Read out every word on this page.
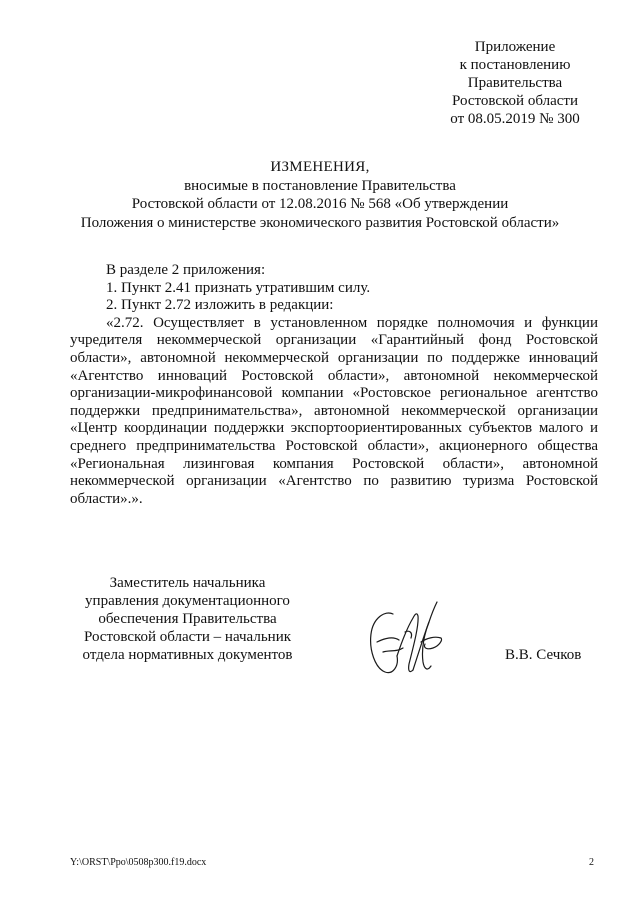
Приложение
к постановлению
Правительства
Ростовской области
от 08.05.2019 № 300
ИЗМЕНЕНИЯ,
вносимые в постановление Правительства
Ростовской области от 12.08.2016 № 568 «Об утверждении
Положения о министерстве экономического развития Ростовской области»
В разделе 2 приложения:
1. Пункт 2.41 признать утратившим силу.
2. Пункт 2.72 изложить в редакции:

«2.72. Осуществляет в установленном порядке полномочия и функции учредителя некоммерческой организации «Гарантийный фонд Ростовской области», автономной некоммерческой организации по поддержке инноваций «Агентство инноваций Ростовской области», автономной некоммерческой организации-микрофинансовой компании «Ростовское региональное агентство поддержки предпринимательства», автономной некоммерческой организации «Центр координации поддержки экспортоориентированных субъектов малого и среднего предпринимательства Ростовской области», акционерного общества «Региональная лизинговая компания Ростовской области», автономной некоммерческой организации «Агентство по развитию туризма Ростовской области».».

Заместитель начальника
управления документационного
обеспечения Правительства
Ростовской области – начальник
отдела нормативных документов	В.В. Сечков
Y:\ORST\Ppo\0508p300.f19.docx	2
